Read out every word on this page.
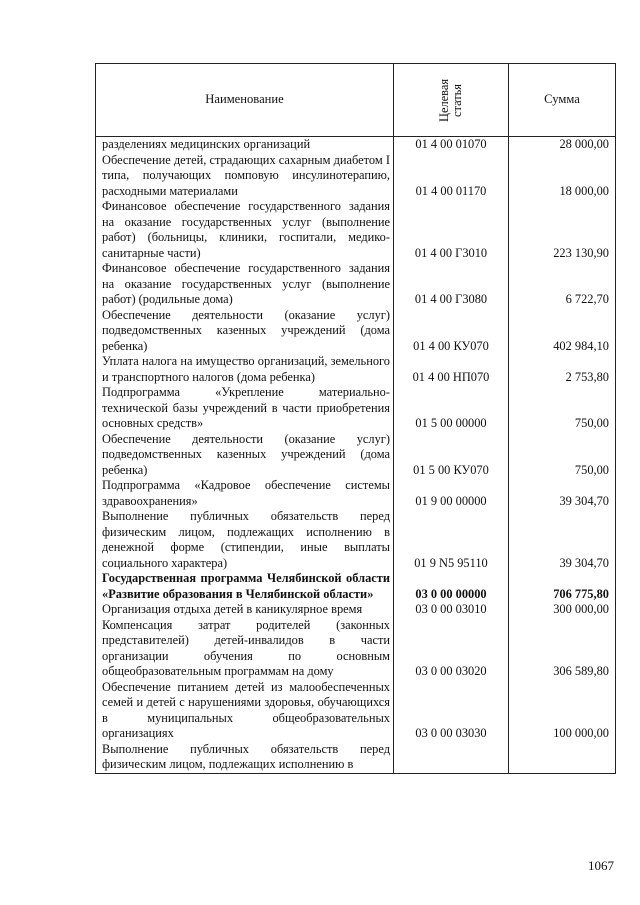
Наименование	Целевая статья	Сумма
разделениях медицинских организаций	01 4 00 01070	28 000,00
Обеспечение детей, страдающих сахарным диабетом I типа, получающих помповую инсулинотерапию, расходными материалами	01 4 00 01170	18 000,00
Финансовое обеспечение государственного задания на оказание государственных услуг (выполнение работ) (больницы, клиники, госпитали, медико-санитарные части)	01 4 00 Г3010	223 130,90
Финансовое обеспечение государственного задания на оказание государственных услуг (выполнение работ) (родильные дома)	01 4 00 Г3080	6 722,70
Обеспечение деятельности (оказание услуг) подведомственных казенных учреждений (дома ребенка)	01 4 00 КУ070	402 984,10
Уплата налога на имущество организаций, земельного и транспортного налогов (дома ребенка)	01 4 00 НП070	2 753,80
Подпрограмма «Укрепление материально-технической базы учреждений в части приобретения основных средств»	01 5 00 00000	750,00
Обеспечение деятельности (оказание услуг) подведомственных казенных учреждений (дома ребенка)	01 5 00 КУ070	750,00
Подпрограмма «Кадровое обеспечение системы здравоохранения»	01 9 00 00000	39 304,70
Выполнение публичных обязательств перед физическим лицом, подлежащих исполнению в денежной форме (стипендии, иные выплаты социального характера)	01 9 N5 95110	39 304,70
Государственная программа Челябинской области «Развитие образования в Челябинской области»	03 0 00 00000	706 775,80
Организация отдыха детей в каникулярное время	03 0 00 03010	300 000,00
Компенсация затрат родителей (законных представителей) детей-инвалидов в части организации обучения по основным общеобразовательным программам на дому	03 0 00 03020	306 589,80
Обеспечение питанием детей из малообеспеченных семей и детей с нарушениями здоровья, обучающихся в муниципальных общеобразовательных организациях	03 0 00 03030	100 000,00
Выполнение публичных обязательств перед физическим лицом, подлежащих исполнению в		
1067
